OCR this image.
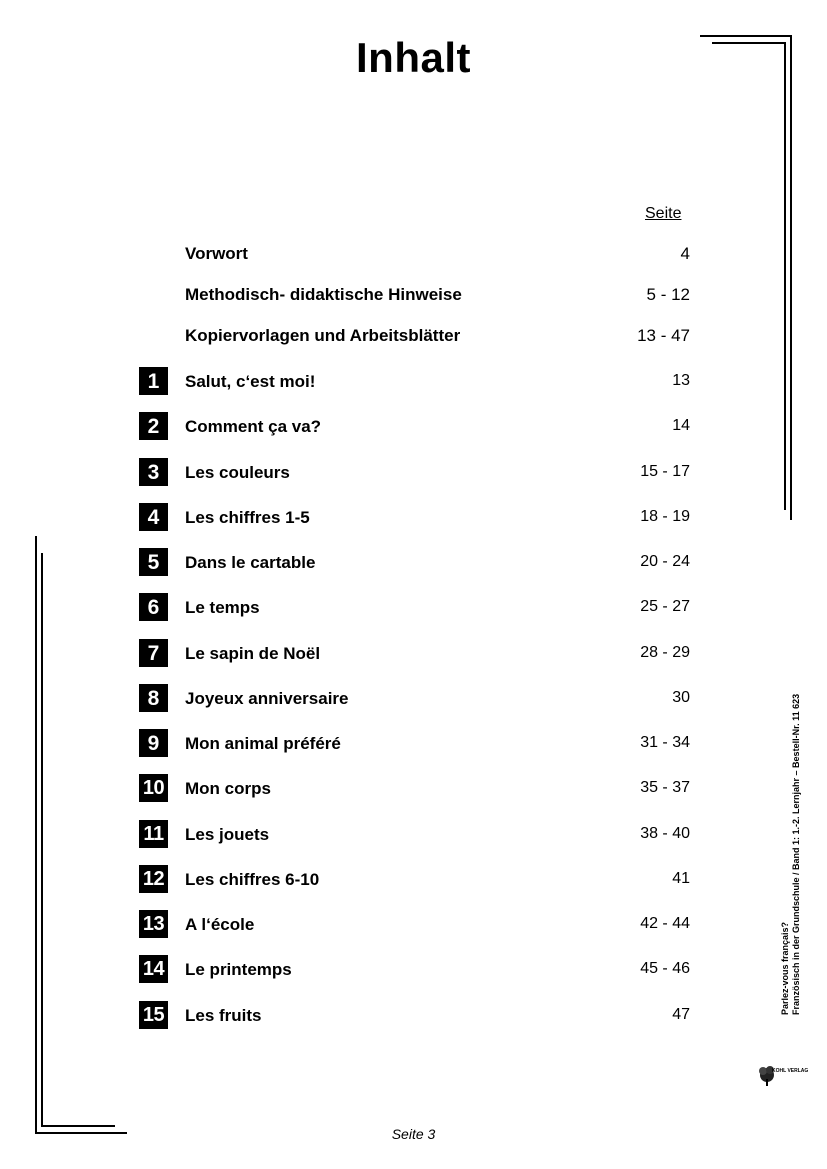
Inhalt
Seite
Vorwort	4
Methodisch- didaktische Hinweise	5 - 12
Kopiervorlagen und Arbeitsblätter	13 - 47
1	Salut, c‘est moi!	13
2	Comment ça va?	14
3	Les couleurs	15 - 17
4	Les chiffres 1-5	18 - 19
5	Dans le cartable	20 - 24
6	Le temps	25 - 27
7	Le sapin de Noël	28 - 29
8	Joyeux anniversaire	30
9	Mon animal préféré	31 - 34
10 Mon corps	35 - 37
11 Les jouets	38 - 40
12 Les chiffres 6-10	41
13 A l‘école	42 - 44
14 Le printemps	45 - 46
15 Les fruits	47
Seite 3
Parlez-vous français? Französisch in der Grundschule / Band 1: 1.-2. Lernjahr – Bestell-Nr. 11 623
KOHL VERLAG
